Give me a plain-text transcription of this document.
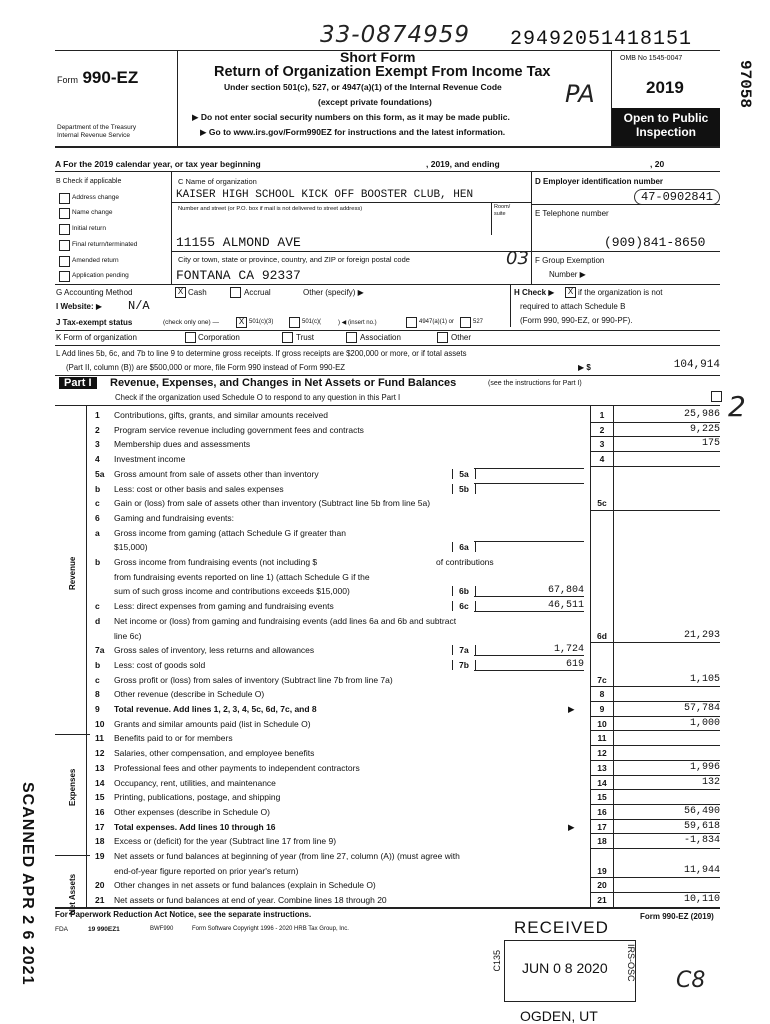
33-0874959 29492051418151
97058
PA
03
2
C8
SCANNED APR 2 6 2021
Form 990-EZ
Department of the Treasury
Internal Revenue Service
Short Form
Return of Organization Exempt From Income Tax
Under section 501(c), 527, or 4947(a)(1) of the Internal Revenue Code
(except private foundations)
▶ Do not enter social security numbers on this form, as it may be made public.
▶ Go to www.irs.gov/Form990EZ for instructions and the latest information.
OMB No 1545-0047
2019
Open to Public
Inspection
A For the 2019 calendar year, or tax year beginning	, 2019, and ending	, 20
B Check if applicable
Address change
Name change
Initial return
Final return/terminated
Amended return
Application pending
C Name of organization
KAISER HIGH SCHOOL KICK OFF BOOSTER CLUB, HEN
Number and street (or P.O. box if mail is not delivered to street address)	Room/ suite
11155 ALMOND AVE
City or town, state or province, country, and ZIP or foreign postal code
FONTANA CA 92337
D Employer identification number
47-0902841
E Telephone number
(909)841-8650
F Group Exemption
Number ▶
G Accounting Method	X Cash	Accrual	Other (specify) ▶	H Check ▶	X if the organization is not
required to attach Schedule B
(Form 990, 990-EZ, or 990-PF).
I Website: ▶ N/A
J Tax-exempt status	(check only one) —	X 501(c)(3)	501(c)(	) ◀ (insert no.)	4947(a)(1) or	527
K Form of organization	Corporation	Trust	Association	Other
L Add lines 5b, 6c, and 7b to line 9 to determine gross receipts. If gross receipts are $200,000 or more, or if total assets
(Part II, column (B)) are $500,000 or more, file Form 990 instead of Form 990-EZ	▶ $	104,914
Part I	Revenue, Expenses, and Changes in Net Assets or Fund Balances	(see the instructions for Part I)
Check if the organization used Schedule O to respond to any question in this Part I
Revenue
Expenses
Net Assets
1	Contributions, gifts, grants, and similar amounts received	1	25,986
2	Program service revenue including government fees and contracts	2	9,225
3	Membership dues and assessments	3	175
4	Investment income	4
5a	Gross amount from sale of assets other than inventory	5a
b	Less: cost or other basis and sales expenses	5b
c	Gain or (loss) from sale of assets other than inventory (Subtract line 5b from line 5a)	5c
6	Gaming and fundraising events:
a	Gross income from gaming (attach Schedule G if greater than
$15,000)	6a
b	Gross income from fundraising events (not including $	of contributions
from fundraising events reported on line 1) (attach Schedule G if the
sum of such gross income and contributions exceeds $15,000)	6b	67,804
c	Less: direct expenses from gaming and fundraising events	6c	46,511
d	Net income or (loss) from gaming and fundraising events (add lines 6a and 6b and subtract
line 6c)	6d	21,293
7a	Gross sales of inventory, less returns and allowances	7a	1,724
b	Less: cost of goods sold	7b	619
c	Gross profit or (loss) from sales of inventory (Subtract line 7b from line 7a)	7c	1,105
8	Other revenue (describe in Schedule O)	8
9	Total revenue. Add lines 1, 2, 3, 4, 5c, 6d, 7c, and 8	▶	9	57,784
10	Grants and similar amounts paid (list in Schedule O)	10	1,000
11	Benefits paid to or for members	11
12	Salaries, other compensation, and employee benefits	12
13	Professional fees and other payments to independent contractors	13	1,996
14	Occupancy, rent, utilities, and maintenance	14	132
15	Printing, publications, postage, and shipping	15
16	Other expenses (describe in Schedule O)	16	56,490
17	Total expenses. Add lines 10 through 16	▶	17	59,618
18	Excess or (deficit) for the year (Subtract line 17 from line 9)	18	-1,834
19	Net assets or fund balances at beginning of year (from line 27, column (A)) (must agree with
end-of-year figure reported on prior year's return)	19	11,944
20	Other changes in net assets or fund balances (explain in Schedule O)	20
21	Net assets or fund balances at end of year. Combine lines 18 through 20	21	10,110
For Paperwork Reduction Act Notice, see the separate instructions.	Form 990-EZ (2019)
FDA	19 990EZ1	BWF990	Form Software Copyright 1996 - 2020 HRB Tax Group, Inc.	RECEIVED
JUN 0 8 2020
C135	IRS-OSC
OGDEN, UT
